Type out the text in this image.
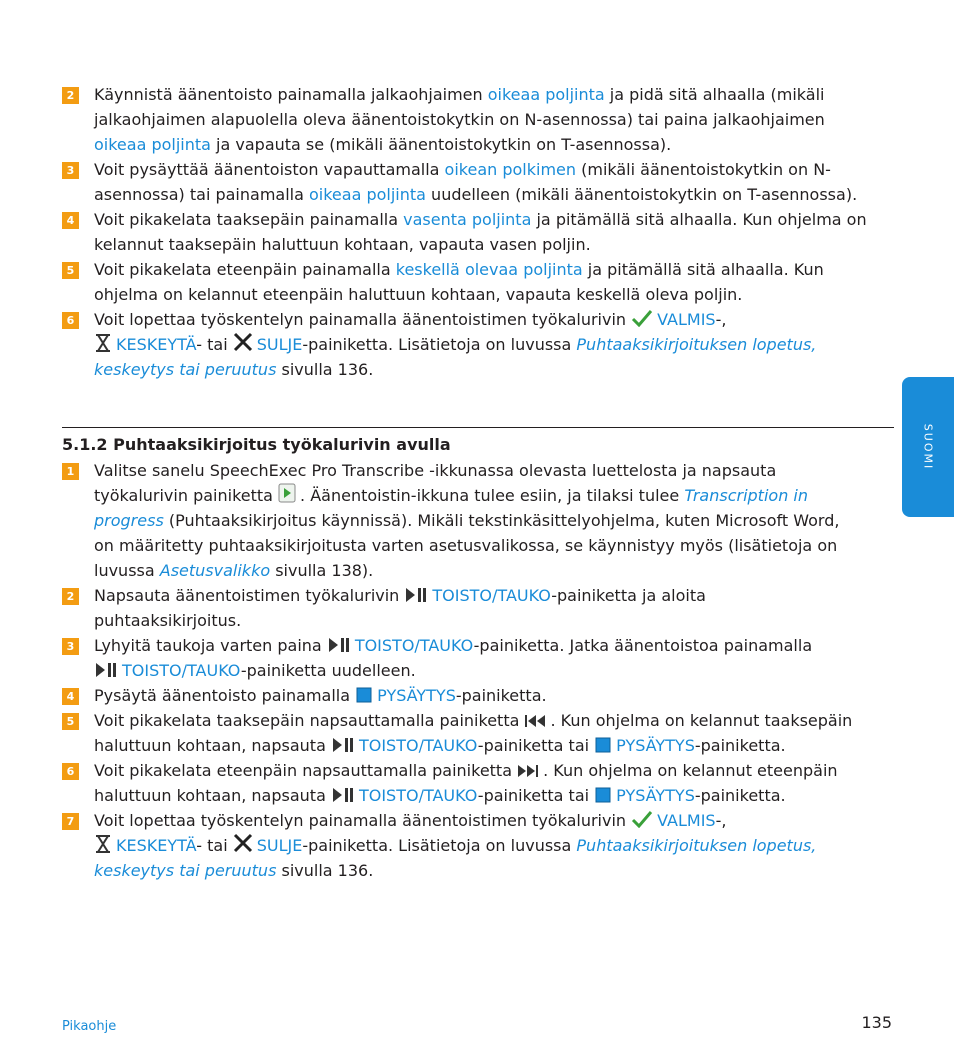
2 Käynnistä äänentoisto painamalla jalkaohjaimen oikeaa poljinta ja pidä sitä alhaalla (mikäli
jalkaohjaimen alapuolella oleva äänentoistokytkin on N-asennossa) tai paina jalkaohjaimen
oikeaa poljinta ja vapauta se (mikäli äänentoistokytkin on T-asennossa).
3 Voit pysäyttää äänentoiston vapauttamalla oikean polkimen (mikäli äänentoistokytkin on N-
asennossa) tai painamalla oikeaa poljinta uudelleen (mikäli äänentoistokytkin on T-asennossa).
4 Voit pikakelata taaksepäin painamalla vasenta poljinta ja pitämällä sitä alhaalla. Kun ohjelma on
kelannut taaksepäin haluttuun kohtaan, vapauta vasen poljin.
5 Voit pikakelata eteenpäin painamalla keskellä olevaa poljinta ja pitämällä sitä alhaalla. Kun
ohjelma on kelannut eteenpäin haluttuun kohtaan, vapauta keskellä oleva poljin.
6 Voit lopettaa työskentelyn painamalla äänentoistimen työkalurivin VALMIS-,
KESKEYTÄ- tai SULJE-painiketta. Lisätietoja on luvussa Puhtaaksikirjoituksen lopetus,
keskeytys tai peruutus sivulla 136.
5.1.2 Puhtaaksikirjoitus työkalurivin avulla
1 Valitse sanelu SpeechExec Pro Transcribe -ikkunassa olevasta luettelosta ja napsauta
työkalurivin painiketta . Äänentoistin-ikkuna tulee esiin, ja tilaksi tulee Transcription in
progress (Puhtaaksikirjoitus käynnissä). Mikäli tekstinkäsittelyohjelma, kuten Microsoft Word,
on määritetty puhtaaksikirjoitusta varten asetusvalikossa, se käynnistyy myös (lisätietoja on
luvussa Asetusvalikko sivulla 138).
2 Napsauta äänentoistimen työkalurivin TOISTO/TAUKO-painiketta ja aloita
puhtaaksikirjoitus.
3 Lyhyitä taukoja varten paina TOISTO/TAUKO-painiketta. Jatka äänentoistoa painamalla
TOISTO/TAUKO-painiketta uudelleen.
4 Pysäytä äänentoisto painamalla PYSÄYTYS-painiketta.
5 Voit pikakelata taaksepäin napsauttamalla painiketta . Kun ohjelma on kelannut taaksepäin
haluttuun kohtaan, napsauta TOISTO/TAUKO-painiketta tai PYSÄYTYS-painiketta.
6 Voit pikakelata eteenpäin napsauttamalla painiketta . Kun ohjelma on kelannut eteenpäin
haluttuun kohtaan, napsauta TOISTO/TAUKO-painiketta tai PYSÄYTYS-painiketta.
7 Voit lopettaa työskentelyn painamalla äänentoistimen työkalurivin VALMIS-,
KESKEYTÄ- tai SULJE-painiketta. Lisätietoja on luvussa Puhtaaksikirjoituksen lopetus,
keskeytys tai peruutus sivulla 136.
SUOMI
Pikaohje	135
